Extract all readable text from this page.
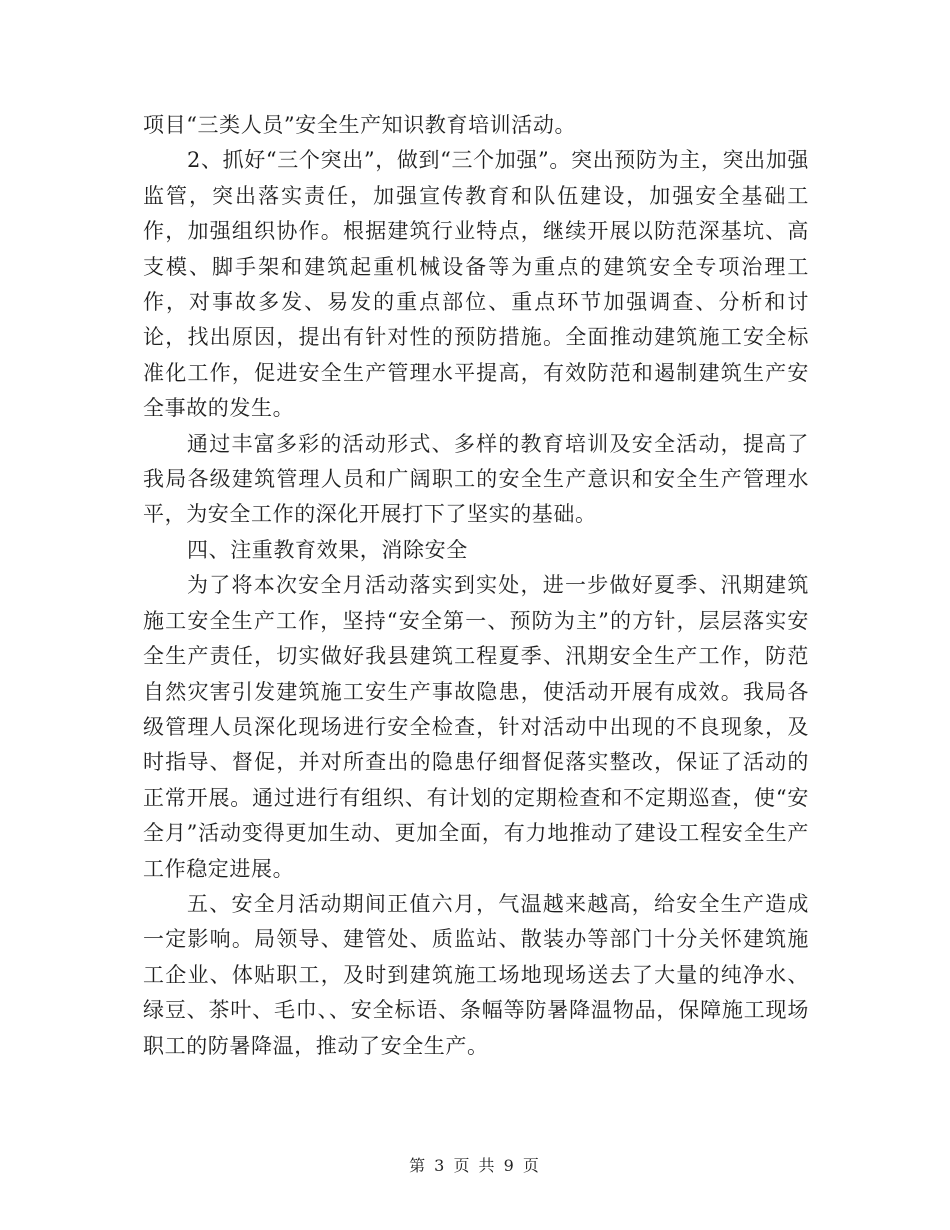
项目“三类人员”安全生产知识教育培训活动。

2、抓好“三个突出”，做到“三个加强”。突出预防为主，突出加强监管，突出落实责任，加强宣传教育和队伍建设，加强安全基础工作，加强组织协作。根据建筑行业特点，继续开展以防范深基坑、高支模、脚手架和建筑起重机械设备等为重点的建筑安全专项治理工作，对事故多发、易发的重点部位、重点环节加强调查、分析和讨论，找出原因，提出有针对性的预防措施。全面推动建筑施工安全标准化工作，促进安全生产管理水平提高，有效防范和遏制建筑生产安全事故的发生。

通过丰富多彩的活动形式、多样的教育培训及安全活动，提高了我局各级建筑管理人员和广阔职工的安全生产意识和安全生产管理水平，为安全工作的深化开展打下了坚实的基础。

四、注重教育效果，消除安全

为了将本次安全月活动落实到实处，进一步做好夏季、汛期建筑施工安全生产工作，坚持“安全第一、预防为主”的方针，层层落实安全生产责任，切实做好我县建筑工程夏季、汛期安全生产工作，防范自然灾害引发建筑施工安生产事故隐患，使活动开展有成效。我局各级管理人员深化现场进行安全检查，针对活动中出现的不良现象，及时指导、督促，并对所查出的隐患仔细督促落实整改，保证了活动的正常开展。通过进行有组织、有计划的定期检查和不定期巡查，使“安全月”活动变得更加生动、更加全面，有力地推动了建设工程安全生产工作稳定进展。

五、安全月活动期间正值六月，气温越来越高，给安全生产造成一定影响。局领导、建管处、质监站、散装办等部门十分关怀建筑施工企业、体贴职工，及时到建筑施工场地现场送去了大量的纯净水、绿豆、茶叶、毛巾、、安全标语、条幅等防暑降温物品，保障施工现场职工的防暑降温，推动了安全生产。

第 3 页 共 9 页
